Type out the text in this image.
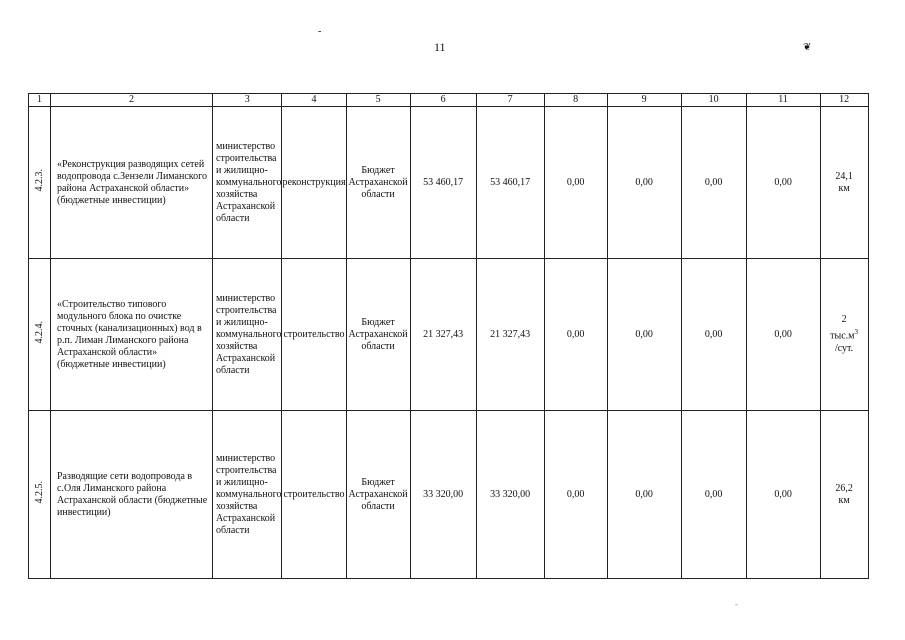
-
11	❦
1	2	3	4	5	6	7	8	9	10	11	12
4.2.3.	«Реконструкция разводящих сетей водопровода с.Зензели Лиманского района Астраханской области» (бюджетные инвестиции)	министерство строительства и жилищно-коммунального хозяйства Астраханской области	реконструкция	Бюджет Астраханской области	53 460,17	53 460,17	0,00	0,00	0,00	0,00	24,1
км

4.2.4.	«Строительство типового модульного блока по очистке сточных (канализационных) вод в р.п. Лиман Лиманского района Астраханской области» (бюджетные инвестиции)	министерство строительства и жилищно-коммунального хозяйства Астраханской области	строительство	Бюджет Астраханской области	21 327,43	21 327,43	0,00	0,00	0,00	0,00	2
$тыс.м^3$
/сут.

4.2.5.	Разводящие сети водопровода в с.Оля Лиманского района Астраханской области (бюджетные инвестиции)	министерство строительства и жилищно-коммунального хозяйства Астраханской области	строительство	Бюджет Астраханской области	33 320,00	33 320,00	0,00	0,00	0,00	0,00	26,2
км
-
